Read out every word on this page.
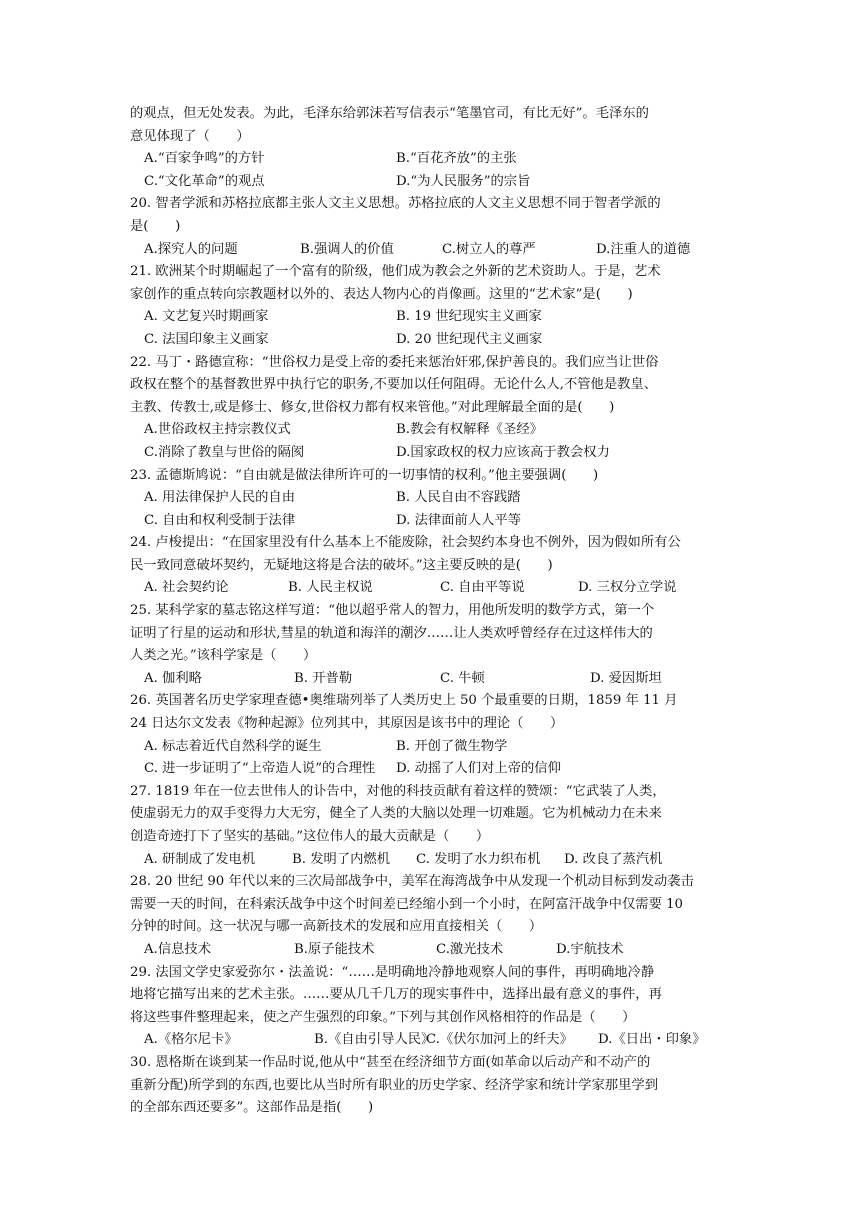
的观点，但无处发表。为此，毛泽东给郭沫若写信表示“笔墨官司，有比无好”。毛泽东的
意见体现了（　　）
A.“百家争鸣”的方针	B.“百花齐放”的主张
C.“文化革命”的观点	D.“为人民服务”的宗旨
20. 智者学派和苏格拉底都主张人文主义思想。苏格拉底的人文主义思想不同于智者学派的
是(　　)
A.探究人的问题	B.强调人的价值	C.树立人的尊严	D.注重人的道德
21. 欧洲某个时期崛起了一个富有的阶级，他们成为教会之外新的艺术资助人。于是，艺术
家创作的重点转向宗教题材以外的、表达人物内心的肖像画。这里的“艺术家”是(　　)
A. 文艺复兴时期画家	B. 19 世纪现实主义画家
C. 法国印象主义画家	D. 20 世纪现代主义画家
22. 马丁・路德宣称：“世俗权力是受上帝的委托来惩治奸邪,保护善良的。我们应当让世俗
政权在整个的基督教世界中执行它的职务,不要加以任何阻碍。无论什么人,不管他是教皇、
主教、传教士,或是修士、修女,世俗权力都有权来管他。”对此理解最全面的是(　　)
A.世俗政权主持宗教仪式	B.教会有权解释《圣经》
C.消除了教皇与世俗的隔阂	D.国家政权的权力应该高于教会权力
23. 孟德斯鸠说：“自由就是做法律所许可的一切事情的权利。”他主要强调(　　)
A. 用法律保护人民的自由	B. 人民自由不容践踏
C. 自由和权利受制于法律	D. 法律面前人人平等
24. 卢梭提出：“在国家里没有什么基本上不能废除，社会契约本身也不例外，因为假如所有公
民一致同意破坏契约，无疑地这将是合法的破坏。”这主要反映的是(　　)
A. 社会契约论	B. 人民主权说	C. 自由平等说	D. 三权分立学说
25. 某科学家的墓志铭这样写道：“他以超乎常人的智力，用他所发明的数学方式，第一个
证明了行星的运动和形状,彗星的轨道和海洋的潮汐……让人类欢呼曾经存在过这样伟大的
人类之光。”该科学家是（　　）
A. 伽利略	B. 开普勒	C. 牛顿	D. 爱因斯坦
26. 英国著名历史学家理查德•奥维瑞列举了人类历史上 50 个最重要的日期，1859 年 11 月
24 日达尔文发表《物种起源》位列其中，其原因是该书中的理论（　　）
A. 标志着近代自然科学的诞生	B. 开创了微生物学
C. 进一步证明了“上帝造人说”的合理性	D. 动摇了人们对上帝的信仰
27. 1819 年在一位去世伟人的讣告中，对他的科技贡献有着这样的赞颂：“它武装了人类，
使虚弱无力的双手变得力大无穷，健全了人类的大脑以处理一切难题。它为机械动力在未来
创造奇迹打下了坚实的基础。”这位伟人的最大贡献是（　　）
A. 研制成了发电机	B. 发明了内燃机	C. 发明了水力织布机	D. 改良了蒸汽机
28. 20 世纪 90 年代以来的三次局部战争中，美军在海湾战争中从发现一个机动目标到发动袭击
需要一天的时间，在科索沃战争中这个时间差已经缩小到一个小时，在阿富汗战争中仅需要 10
分钟的时间。这一状况与哪一高新技术的发展和应用直接相关（　　）
A.信息技术	B.原子能技术	C.激光技术	D.宇航技术
29. 法国文学史家爱弥尔・法盖说：“……是明确地冷静地观察人间的事件，再明确地冷静
地将它描写出来的艺术主张。……要从几千几万的现实事件中，选择出最有意义的事件，再
将这些事件整理起来，使之产生强烈的印象。”下列与其创作风格相符的作品是（　　）
A.《格尔尼卡》	B.《自由引导人民》
C.《伏尔加河上的纤夫》	D.《日出・印象》
30. 恩格斯在谈到某一作品时说,他从中“甚至在经济细节方面(如革命以后动产和不动产的
重新分配)所学到的东西,也要比从当时所有职业的历史学家、经济学家和统计学家那里学到
的全部东西还要多”。这部作品是指(　　)
